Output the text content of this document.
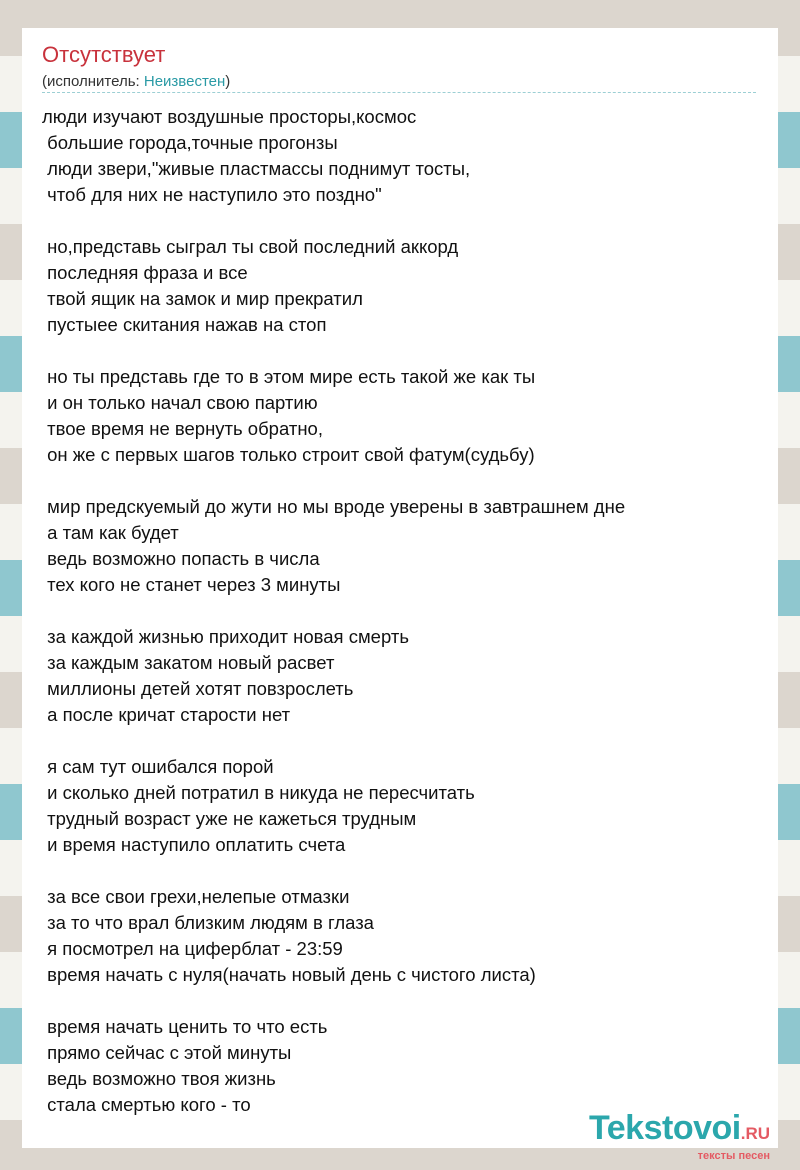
Отсутствует
(исполнитель: Неизвестен)
люди изучают воздушные просторы,космос
большие города,точные прогонзы
люди звери,"живые пластмассы поднимут тосты,
чтоб для них не наступило это поздно"
но,представь сыграл ты свой последний аккорд
последняя фраза и все
твой ящик на замок и мир прекратил
пустыее скитания нажав на стоп
но ты представь где то в этом мире есть такой же как ты
и он только начал свою партию
твое время не вернуть обратно,
он же с первых шагов только строит свой фатум(судьбу)
мир предскуемый до жути но мы вроде уверены в завтрашнем дне
а там как будет
ведь возможно попасть в числа
тех кого не станет через 3 минуты
за каждой жизнью приходит новая смерть
за каждым закатом новый расвет
миллионы детей хотят повзрослеть
а после кричат старости нет
я сам тут ошибался порой
и сколько дней потратил в никуда не пересчитать
трудный возраст уже не кажеться трудным
и время наступило оплатить счета
за все свои грехи,нелепые отмазки
за то что врал близким людям в глаза
я посмотрел на циферблат - 23:59
время начать с нуля(начать новый день с чистого листа)
время начать ценить то что есть
прямо сейчас с этой минуты
ведь возможно твоя жизнь
стала смертью кого - то
Tekstovoi.RU
тексты песен
